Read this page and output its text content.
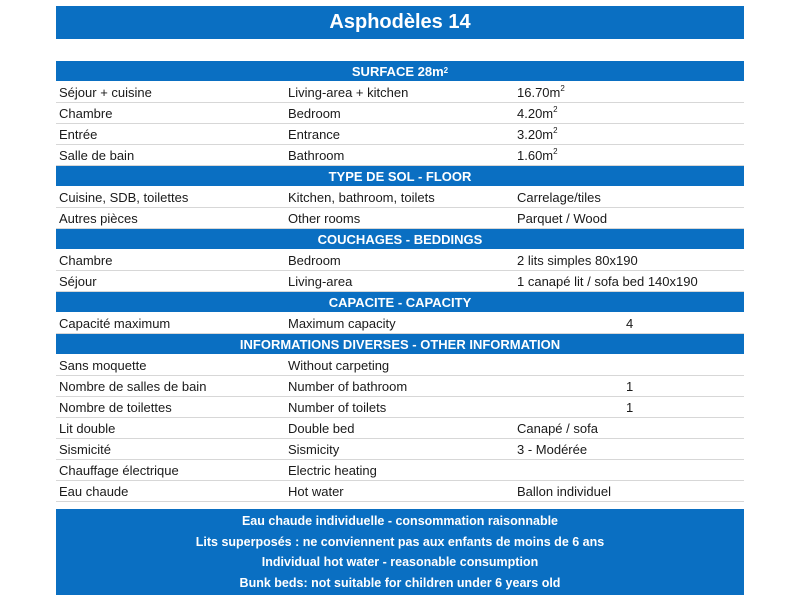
Asphodèles 14
SURFACE 28m 2
Séjour + cuisine	Living-area + kitchen	$16.70m^2$
Chambre	Bedroom	$4.20m^2$
Entrée	Entrance	$3.20m^2$
Salle de bain	Bathroom	$1.60m^2$
TYPE DE SOL - FLOOR
Cuisine, SDB, toilettes	Kitchen, bathroom, toilets	Carrelage/tiles
Autres pièces	Other rooms	Parquet / Wood
COUCHAGES - BEDDINGS
Chambre	Bedroom	2 lits simples 80x190
Séjour	Living-area	1 canapé lit / sofa bed 140x190
CAPACITE - CAPACITY
Capacité maximum	Maximum capacity	4
INFORMATIONS DIVERSES - OTHER INFORMATION
Sans moquette	Without carpeting
Nombre de salles de bain	Number of bathroom	1
Nombre de toilettes	Number of toilets	1
Lit double	Double bed	Canapé / sofa
Sismicité	Sismicity	3 - Modérée
Chauffage électrique	Electric heating
Eau chaude	Hot water	Ballon individuel
Eau chaude individuelle - consommation raisonnable
Lits superposés : ne conviennent pas aux enfants de moins de 6 ans
Individual hot water - reasonable consumption
Bunk beds: not suitable for children under 6 years old
